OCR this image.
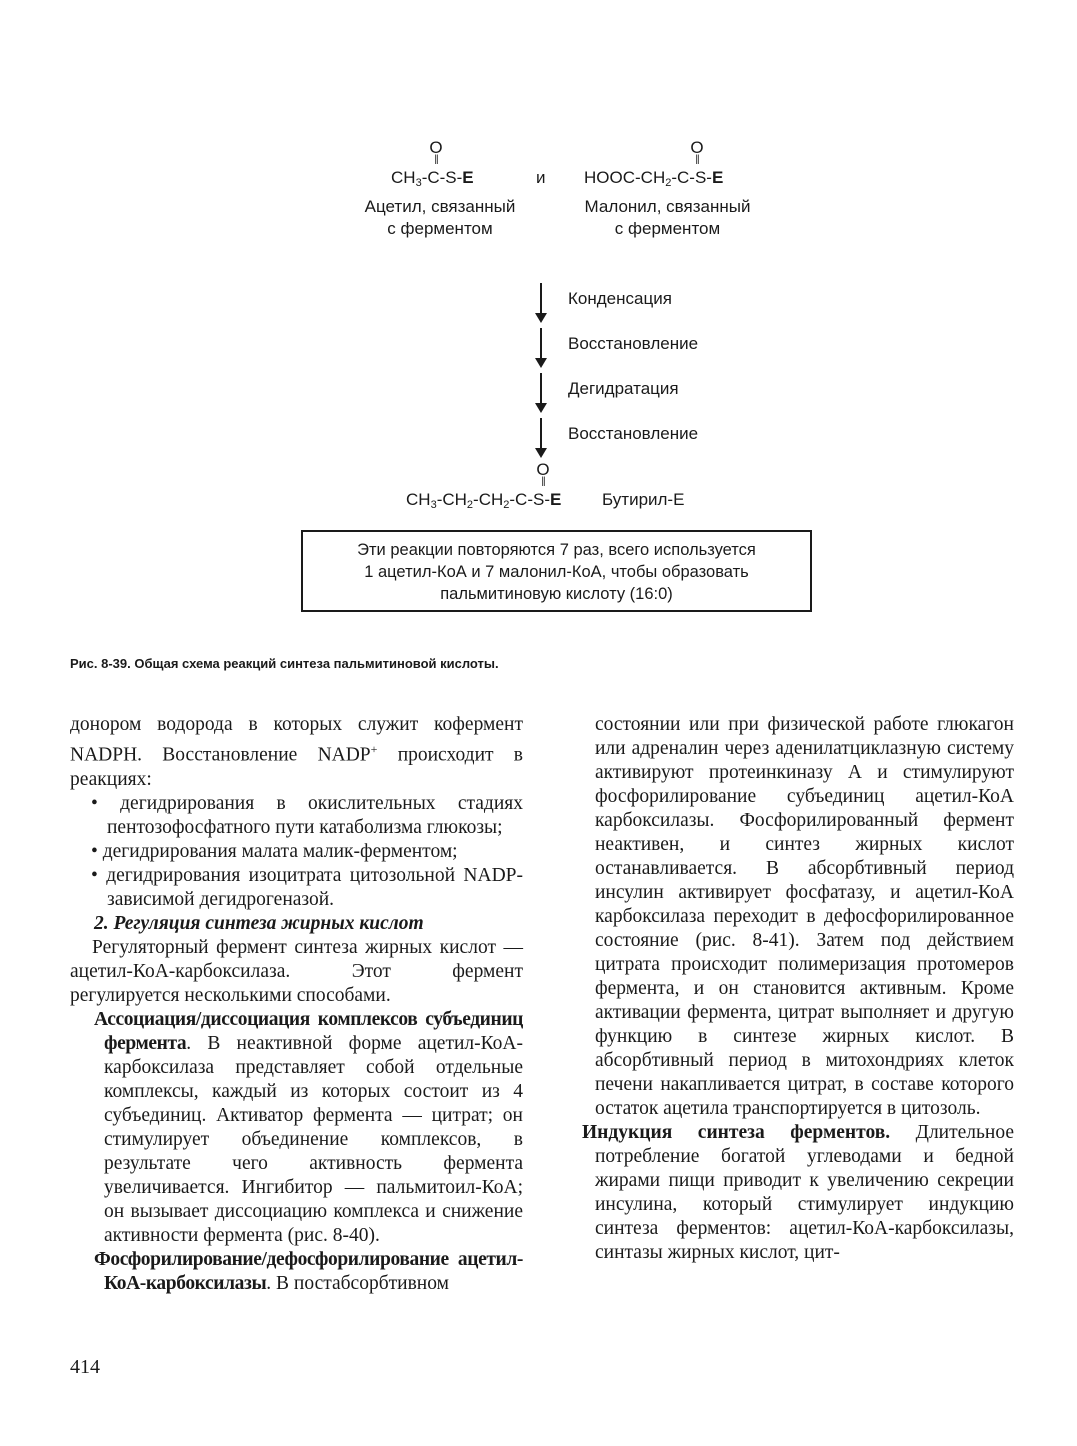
O
||
$CH_3-C-S-E$	и
O
||
HOOC-$CH_2-C-S-E$
Ацетил, связанный
с ферментом
Малонил, связанный
с ферментом
Конденсация
Восстановление
Дегидратация
Восстановление
O
||
$CH_3-CH_2-CH_2-C-S-E$ Бутирил-Е
Эти реакции повторяются 7 раз, всего используется
1 ацетил-КоА и 7 малонил-КоА, чтобы образовать
пальмитиновую кислоту (16:0)
Рис. 8-39. Общая схема реакций синтеза пальмитиновой кислоты.

донором водорода в которых служит кофермент NADPH. Восстановление NADP+ происходит в реакциях:

• дегидрирования в окислительных стадиях пентозофосфатного пути катаболизма глюкозы;

• дегидрирования малата малик-ферментом;

• дегидрирования изоцитрата цитозольной NADP-зависимой дегидрогеназой.

2. Регуляция синтеза жирных кислот

Регуляторный фермент синтеза жирных кислот — ацетил-КоА-карбоксилаза. Этот фермент регулируется несколькими способами.

Ассоциация/диссоциация комплексов субъединиц фермента. В неактивной форме ацетил-КоА-карбоксилаза представляет собой отдельные комплексы, каждый из которых состоит из 4 субъединиц. Активатор фермента — цитрат; он стимулирует объединение комплексов, в результате чего активность фермента увеличивается. Ингибитор — пальмитоил-КоА; он вызывает диссоциацию комплекса и снижение активности фермента (рис. 8-40).

Фосфорилирование/дефосфорилирование ацетил-КоА-карбоксилазы. В постабсорбтивном

состоянии или при физической работе глюкагон или адреналин через аденилатциклазную систему активируют протеинкиназу А и стимулируют фосфорилирование субъединиц ацетил-КоА карбоксилазы. Фосфорилированный фермент неактивен, и синтез жирных кислот останавливается. В абсорбтивный период инсулин активирует фосфатазу, и ацетил-КоА карбоксилаза переходит в дефосфорилированное состояние (рис. 8-41). Затем под действием цитрата происходит полимеризация протомеров фермента, и он становится активным. Кроме активации фермента, цитрат выполняет и другую функцию в синтезе жирных кислот. В абсорбтивный период в митохондриях клеток печени накапливается цитрат, в составе которого остаток ацетила транспортируется в цитозоль.

Индукция синтеза ферментов. Длительное потребление богатой углеводами и бедной жирами пищи приводит к увеличению секреции инсулина, который стимулирует индукцию синтеза ферментов: ацетил-КоА-карбоксилазы, синтазы жирных кислот, цит-

414
